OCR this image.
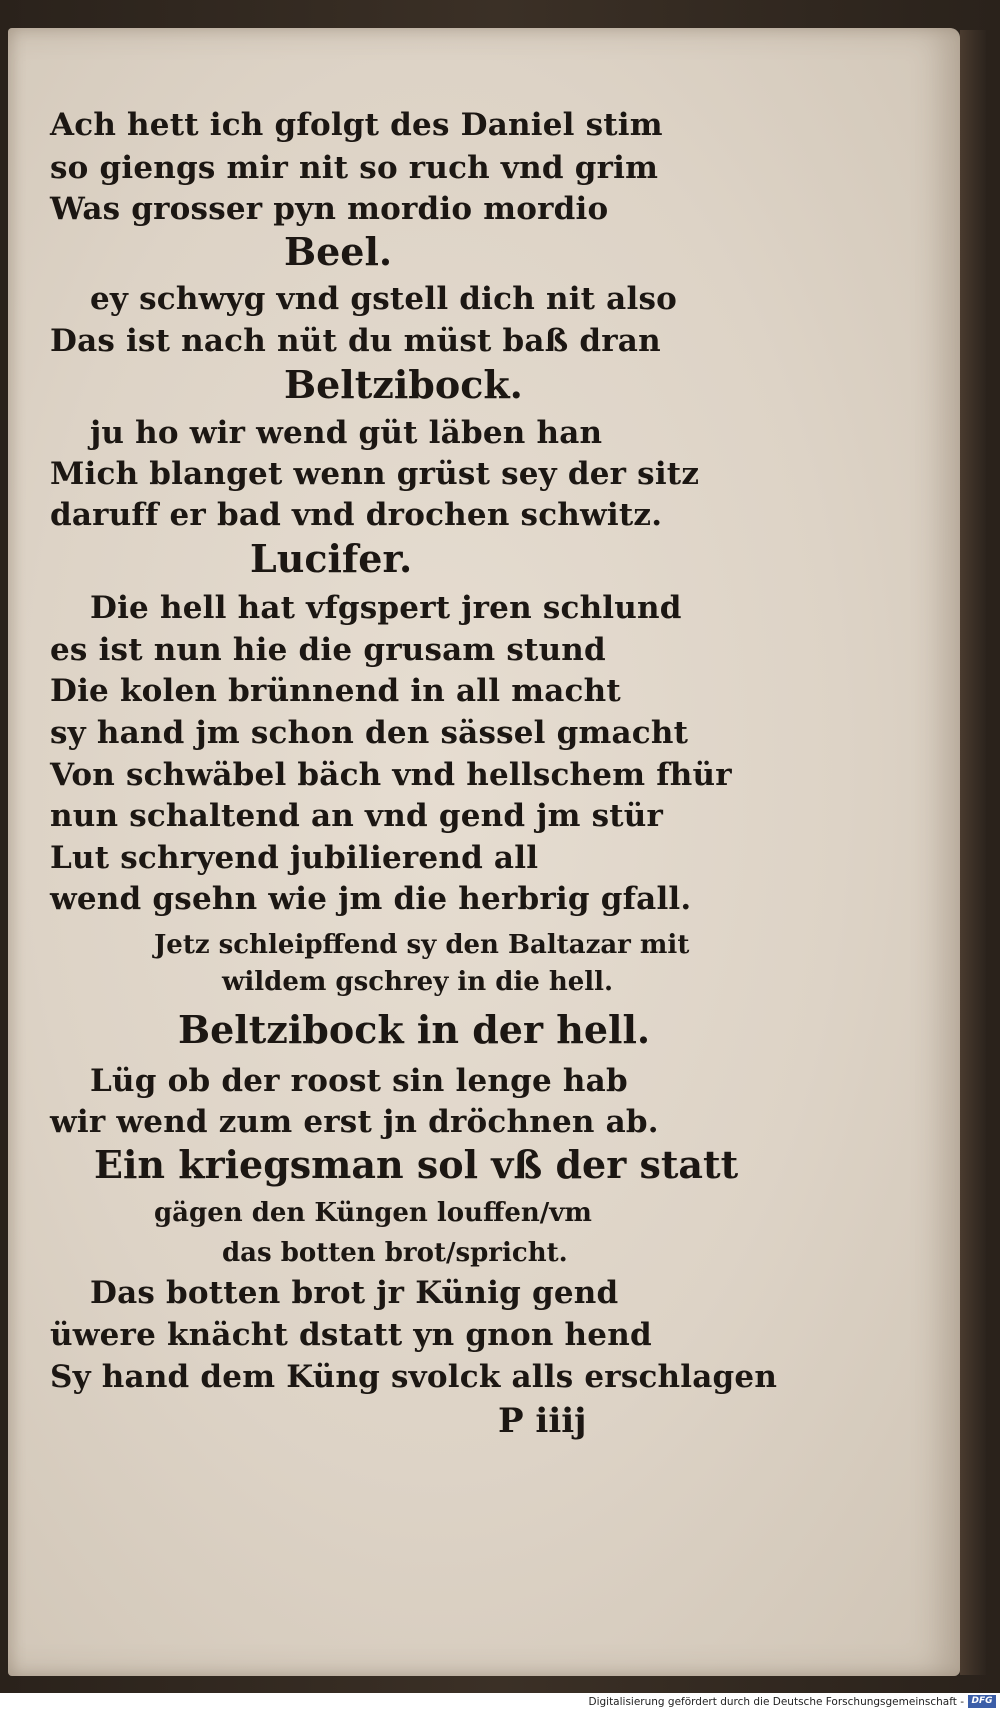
Ach hett ich gfolgt des Daniel stim
so giengs mir nit so ruch vnd grim
Was grosser pyn mordio mordio
Beel.
ey schwyg vnd gstell dich nit also
Das ist nach nüt du müst baß dran
Beltzibock.
ju ho wir wend güt läben han
Mich blanget wenn grüst sey der sitz
daruff er bad vnd drochen schwitz.
Lucifer.
Die hell hat vfgspert jren schlund
es ist nun hie die grusam stund
Die kolen brünnend in all macht
sy hand jm schon den sässel gmacht
Von schwäbel bäch vnd hellschem fhür
nun schaltend an vnd gend jm stür
Lut schryend jubilierend all
wend gsehn wie jm die herbrig gfall.
Jetz schleipffend sy den Baltazar mit
wildem gschrey in die hell.
Beltzibock in der hell.
Lüg ob der roost sin lenge hab
wir wend zum erst jn dröchnen ab.
Ein kriegsman sol vß der statt
gägen den Küngen louffen/vm
das botten brot/spricht.
Das botten brot jr Künig gend
üwere knächt dstatt yn gnon hend
Sy hand dem Küng svolck alls erschlagen
P iiij
Digitalisierung gefördert durch die Deutsche Forschungsgemeinschaft - DFG
